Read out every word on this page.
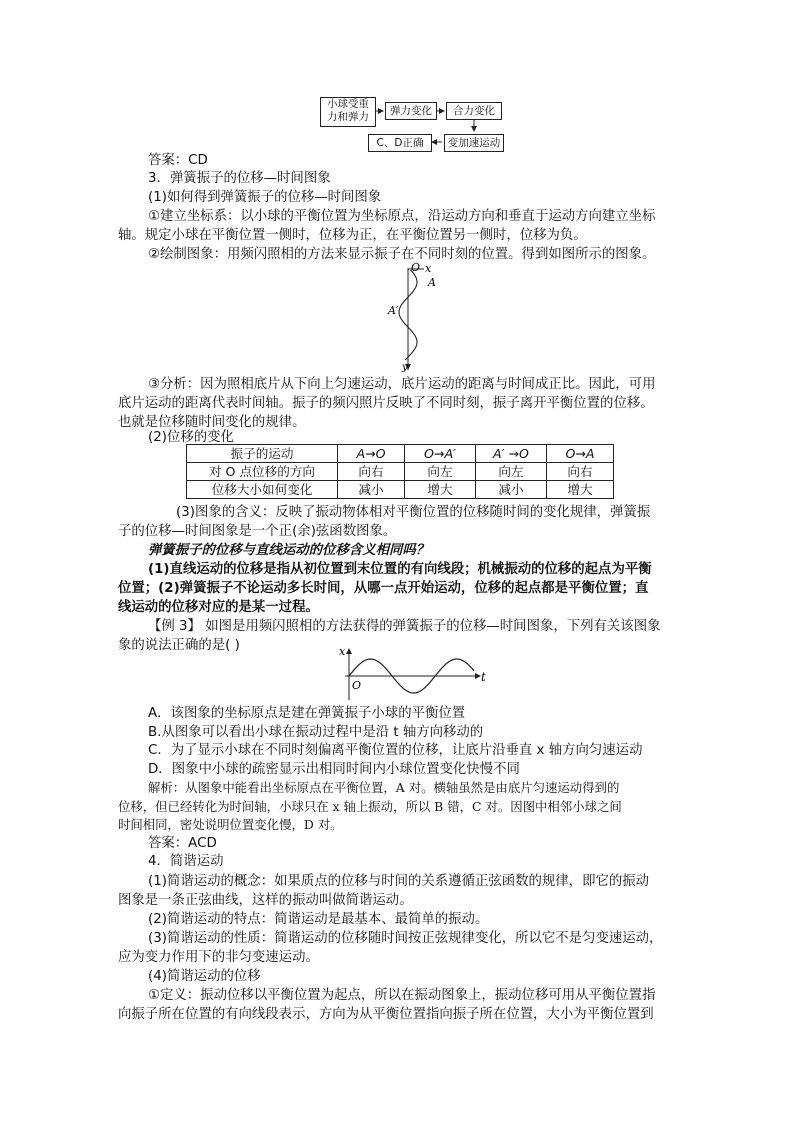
小球受重
力和弹力	弹力变化	合力变化
变加速运动
C、D正确
答案：CD
3．弹簧振子的位移—时间图象
(1)如何得到弹簧振子的位移—时间图象
①建立坐标系：以小球的平衡位置为坐标原点，沿运动方向和垂直于运动方向建立坐标
轴。规定小球在平衡位置一侧时，位移为正，在平衡位置另一侧时，位移为负。
②绘制图象：用频闪照相的方法来显示振子在不同时刻的位置。得到如图所示的图象。
O x
A
A′
y
③分析：因为照相底片从下向上匀速运动，底片运动的距离与时间成正比。因此，可用
底片运动的距离代表时间轴。振子的频闪照片反映了不同时刻，振子离开平衡位置的位移。
也就是位移随时间变化的规律。
(2)位移的变化
振子的运动	A→O	O→A′	A′ →O	O→A
对 O 点位移的方向	向右	向左	向左	向右
位移大小如何变化	减小	增大	减小	增大
(3)图象的含义：反映了振动物体相对平衡位置的位移随时间的变化规律，弹簧振
子的位移—时间图象是一个正(余)弦函数图象。
弹簧振子的位移与直线运动的位移含义相同吗？
(1)直线运动的位移是指从初位置到末位置的有向线段；机械振动的位移的起点为平衡
位置；(2)弹簧振子不论运动多长时间，从哪一点开始运动，位移的起点都是平衡位置；直
线运动的位移对应的是某一过程。
【例 3】 如图是用频闪照相的方法获得的弹簧振子的位移—时间图象，下列有关该图象
象的说法正确的是( )	x
O
t
A．该图象的坐标原点是建在弹簧振子小球的平衡位置
B.从图象可以看出小球在振动过程中是沿 t 轴方向移动的
C．为了显示小球在不同时刻偏离平衡位置的位移，让底片沿垂直 x 轴方向匀速运动
D．图象中小球的疏密显示出相同时间内小球位置变化快慢不同
解析：从图象中能看出坐标原点在平衡位置，A 对。横轴虽然是由底片匀速运动得到的
位移，但已经转化为时间轴，小球只在 x 轴上振动，所以 B 错，C 对。因图中相邻小球之间
时间相同，密处说明位置变化慢，D 对。
答案：ACD
4．简谐运动
(1)简谐运动的概念：如果质点的位移与时间的关系遵循正弦函数的规律，即它的振动
图象是一条正弦曲线，这样的振动叫做简谐运动。
(2)简谐运动的特点：简谐运动是最基本、最简单的振动。
(3)简谐运动的性质：简谐运动的位移随时间按正弦规律变化，所以它不是匀变速运动，
应为变力作用下的非匀变速运动。
(4)简谐运动的位移
①定义：振动位移以平衡位置为起点，所以在振动图象上，振动位移可用从平衡位置指
向振子所在位置的有向线段表示，方向为从平衡位置指向振子所在位置，大小为平衡位置到
